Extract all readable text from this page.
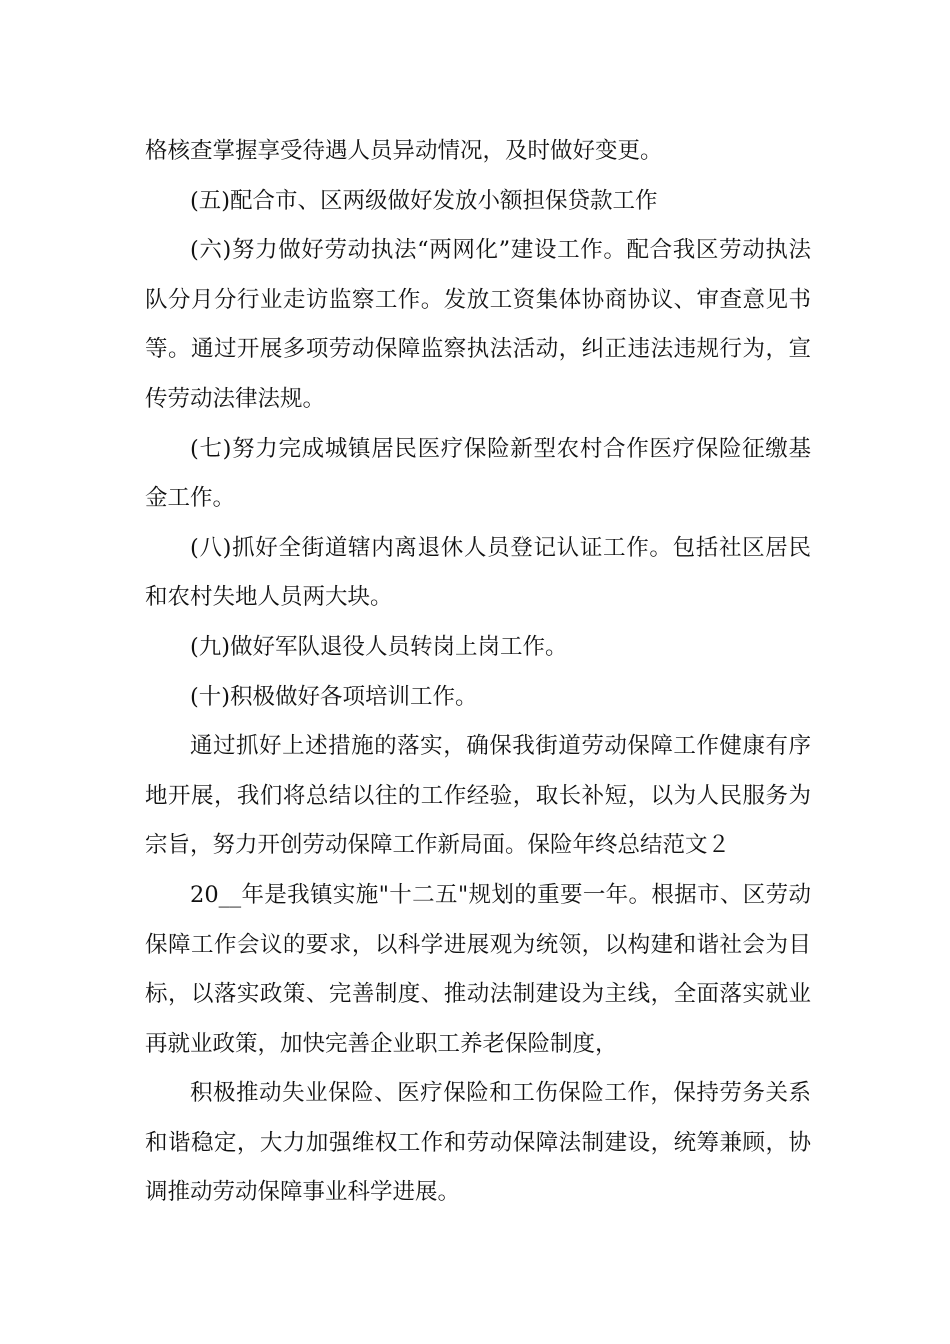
格核查掌握享受待遇人员异动情况，及时做好变更。

(五)配合市、区两级做好发放小额担保贷款工作

(六)努力做好劳动执法“两网化”建设工作。配合我区劳动执法队分月分行业走访监察工作。发放工资集体协商协议、审查意见书等。通过开展多项劳动保障监察执法活动，纠正违法违规行为，宣传劳动法律法规。

(七)努力完成城镇居民医疗保险新型农村合作医疗保险征缴基金工作。

(八)抓好全街道辖内离退休人员登记认证工作。包括社区居民和农村失地人员两大块。

(九)做好军队退役人员转岗上岗工作。

(十)积极做好各项培训工作。

通过抓好上述措施的落实，确保我街道劳动保障工作健康有序地开展，我们将总结以往的工作经验，取长补短，以为人民服务为宗旨，努力开创劳动保障工作新局面。保险年终总结范文２

20__年是我镇实施"十二五"规划的重要一年。根据市、区劳动保障工作会议的要求，以科学进展观为统领，以构建和谐社会为目标，以落实政策、完善制度、推动法制建设为主线，全面落实就业再就业政策，加快完善企业职工养老保险制度，

积极推动失业保险、医疗保险和工伤保险工作，保持劳务关系和谐稳定，大力加强维权工作和劳动保障法制建设，统筹兼顾，协调推动劳动保障事业科学进展。
